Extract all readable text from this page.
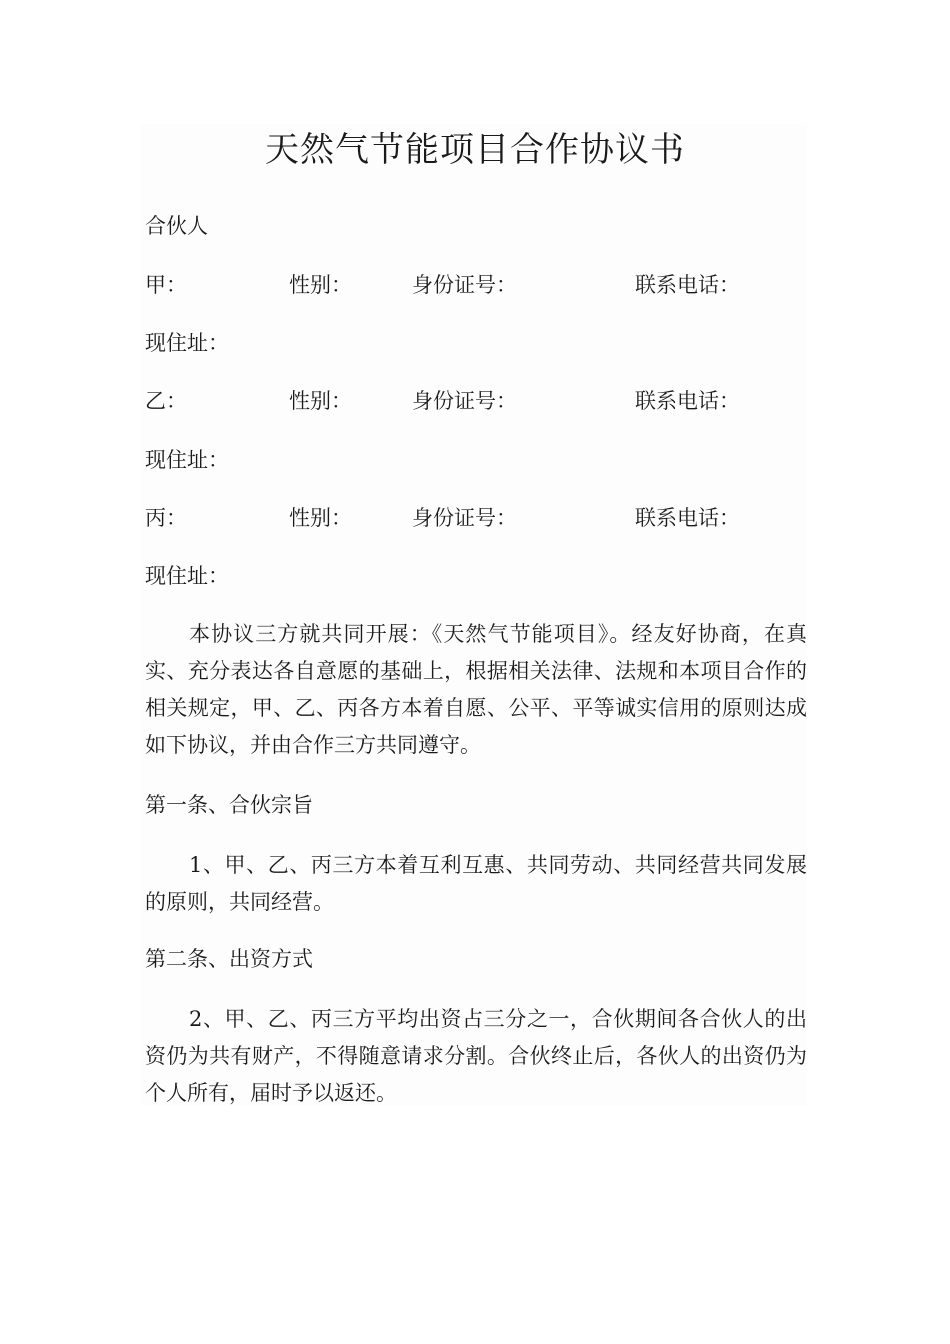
天然气节能项目合作协议书

合伙人

甲：	性别：	身份证号：	联系电话：

现住址：

乙：	性别：	身份证号：	联系电话：

现住址：

丙：	性别：	身份证号：	联系电话：

现住址：

本协议三方就共同开展：《天然气节能项目》。经友好协商，在真实、充分表达各自意愿的基础上，根据相关法律、法规和本项目合作的相关规定，甲、乙、丙各方本着自愿、公平、平等诚实信用的原则达成如下协议，并由合作三方共同遵守。

第一条、合伙宗旨

1、甲、乙、丙三方本着互利互惠、共同劳动、共同经营共同发展的原则，共同经营。

第二条、出资方式

2、甲、乙、丙三方平均出资占三分之一，合伙期间各合伙人的出资仍为共有财产，不得随意请求分割。合伙终止后，各伙人的出资仍为个人所有，届时予以返还。
